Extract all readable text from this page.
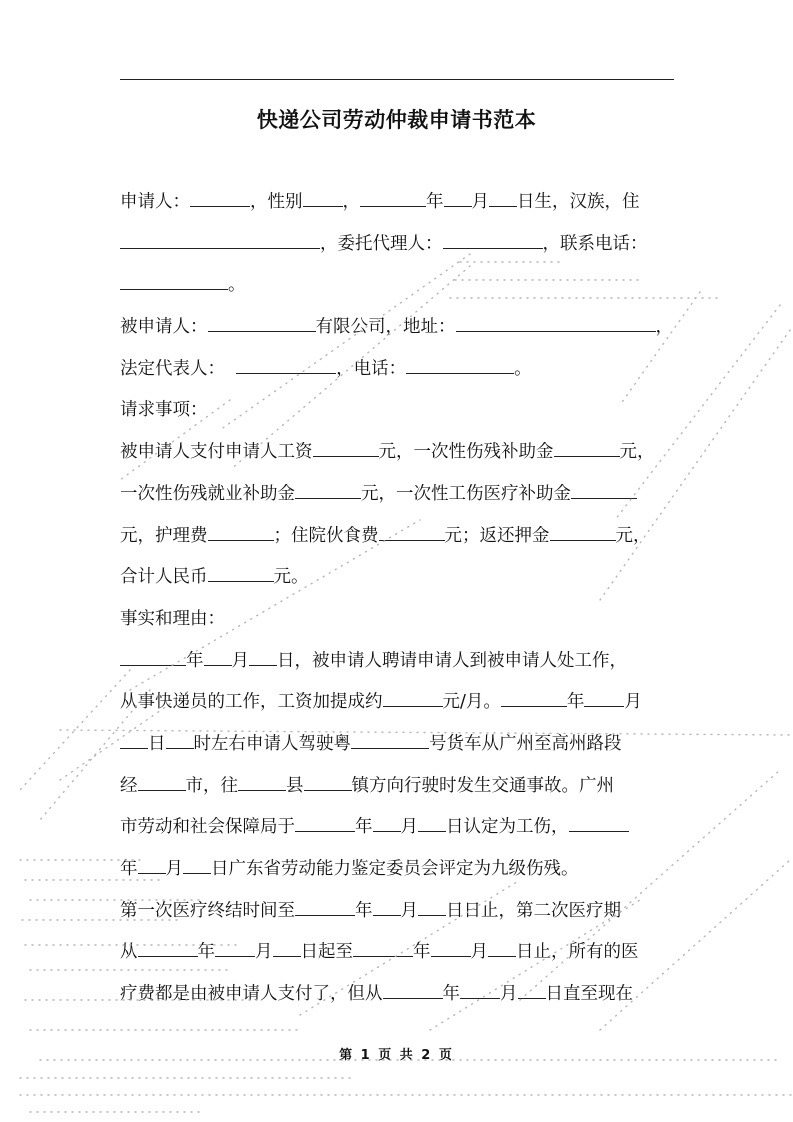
快递公司劳动仲裁申请书范本
申请人：	，性别 ，	年 月 日生，汉族，住
，委托代理人：	，联系电话：
。
被申请人：	有限公司，地址：	，
法定代表人：	，电话：	。
请求事项：
被申请人支付申请人工资	元，一次性伤残补助金	元，
一次性伤残就业补助金	元，一次性工伤医疗补助金
元，护理费	；住院伙食费	元；返还押金	元，
合计人民币	元。
事实和理由：
年 月 日，被申请人聘请申请人到被申请人处工作，
从事快递员的工作，工资加提成约	元/月。	年 月
日 时左右申请人驾驶粤	号货车从广州至高州路段
经	市，往	县	镇方向行驶时发生交通事故。广州
市劳动和社会保障局于	年 月 日认定为工伤，
年 月 日广东省劳动能力鉴定委员会评定为九级伤残。
第一次医疗终结时间至	年 月 日日止，第二次医疗期
从	年 月 日起至	年 月 日止，所有的医
疗费都是由被申请人支付了，但从	年 月 日直至现在
第 1 页 共 2 页
